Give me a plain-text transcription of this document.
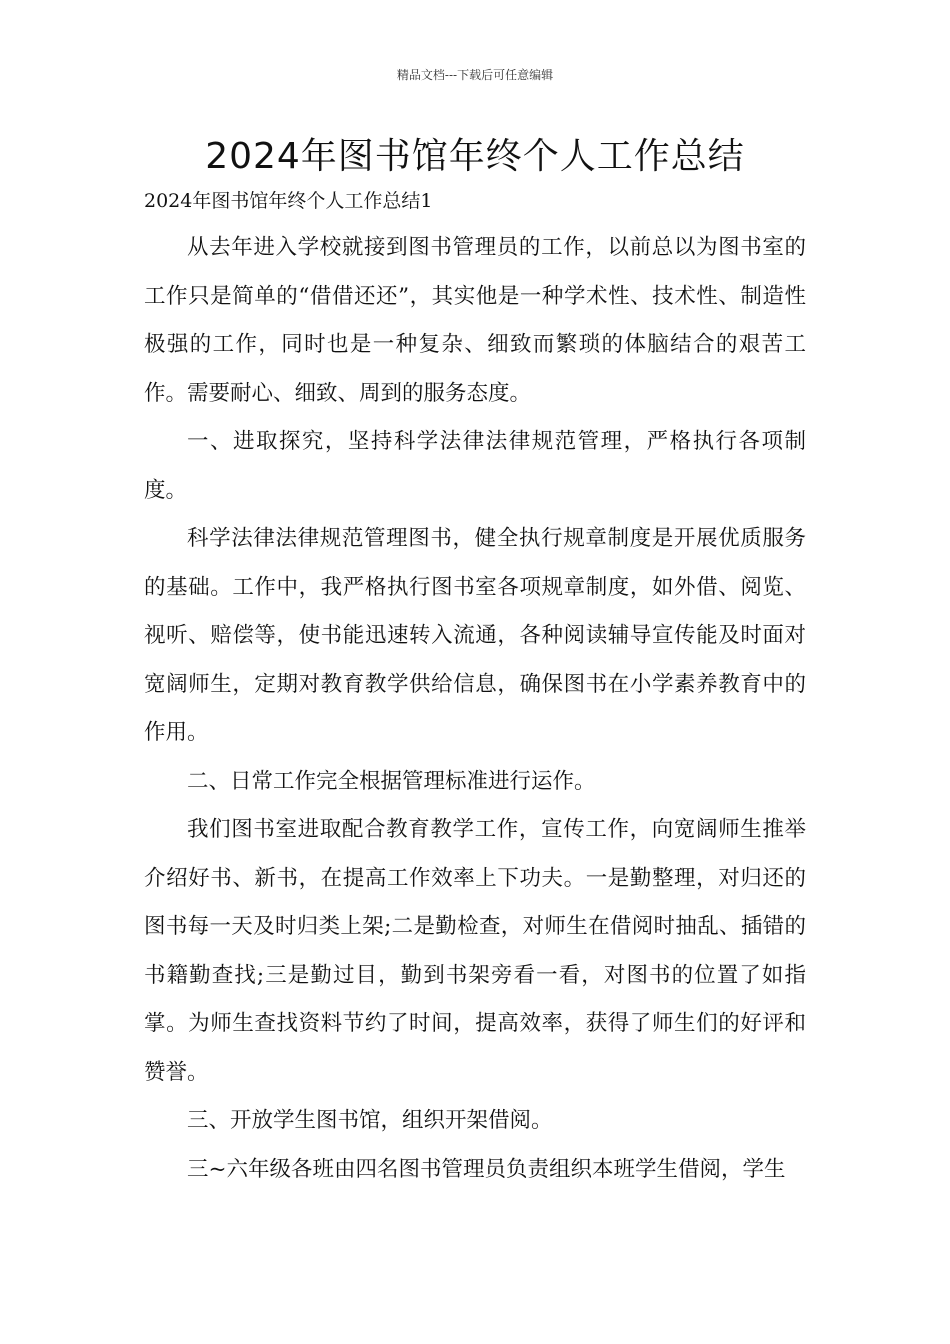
精品文档---下载后可任意编辑
2024年图书馆年终个人工作总结

2024年图书馆年终个人工作总结1

从去年进入学校就接到图书管理员的工作，以前总以为图书室的工作只是简单的“借借还还”，其实他是一种学术性、技术性、制造性极强的工作，同时也是一种复杂、细致而繁琐的体脑结合的艰苦工作。需要耐心、细致、周到的服务态度。

一、进取探究，坚持科学法律法律规范管理，严格执行各项制度。

科学法律法律规范管理图书，健全执行规章制度是开展优质服务的基础。工作中，我严格执行图书室各项规章制度，如外借、阅览、视听、赔偿等，使书能迅速转入流通，各种阅读辅导宣传能及时面对宽阔师生，定期对教育教学供给信息，确保图书在小学素养教育中的作用。

二、日常工作完全根据管理标准进行运作。

我们图书室进取配合教育教学工作，宣传工作，向宽阔师生推举介绍好书、新书，在提高工作效率上下功夫。一是勤整理，对归还的图书每一天及时归类上架;二是勤检查，对师生在借阅时抽乱、插错的书籍勤查找;三是勤过目，勤到书架旁看一看，对图书的位置了如指掌。为师生查找资料节约了时间，提高效率，获得了师生们的好评和赞誉。

三、开放学生图书馆，组织开架借阅。

三~六年级各班由四名图书管理员负责组织本班学生借阅，学生
